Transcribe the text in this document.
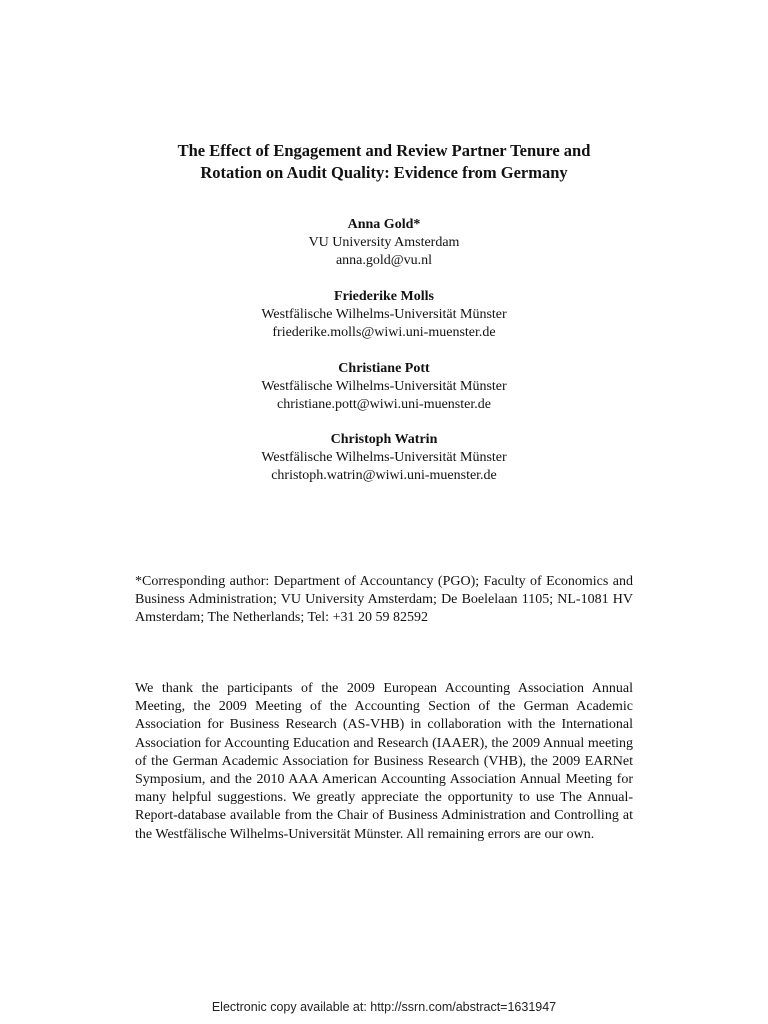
The Effect of Engagement and Review Partner Tenure and
Rotation on Audit Quality: Evidence from Germany
Anna Gold*
VU University Amsterdam
anna.gold@vu.nl
Friederike Molls
Westfälische Wilhelms-Universität Münster
friederike.molls@wiwi.uni-muenster.de
Christiane Pott
Westfälische Wilhelms-Universität Münster
christiane.pott@wiwi.uni-muenster.de
Christoph Watrin
Westfälische Wilhelms-Universität Münster
christoph.watrin@wiwi.uni-muenster.de

*Corresponding author: Department of Accountancy (PGO); Faculty of Economics and Business Administration; VU University Amsterdam; De Boelelaan 1105; NL-1081 HV Amsterdam; The Netherlands; Tel: +31 20 59 82592

We thank the participants of the 2009 European Accounting Association Annual Meeting, the 2009 Meeting of the Accounting Section of the German Academic Association for Business Research (AS-VHB) in collaboration with the International Association for Accounting Education and Research (IAAER), the 2009 Annual meeting of the German Academic Association for Business Research (VHB), the 2009 EARNet Symposium, and the 2010 AAA American Accounting Association Annual Meeting for many helpful suggestions. We greatly appreciate the opportunity to use The Annual-Report-database available from the Chair of Business Administration and Controlling at the Westfälische Wilhelms-Universität Münster. All remaining errors are our own.

Electronic copy available at: http://ssrn.com/abstract=1631947
